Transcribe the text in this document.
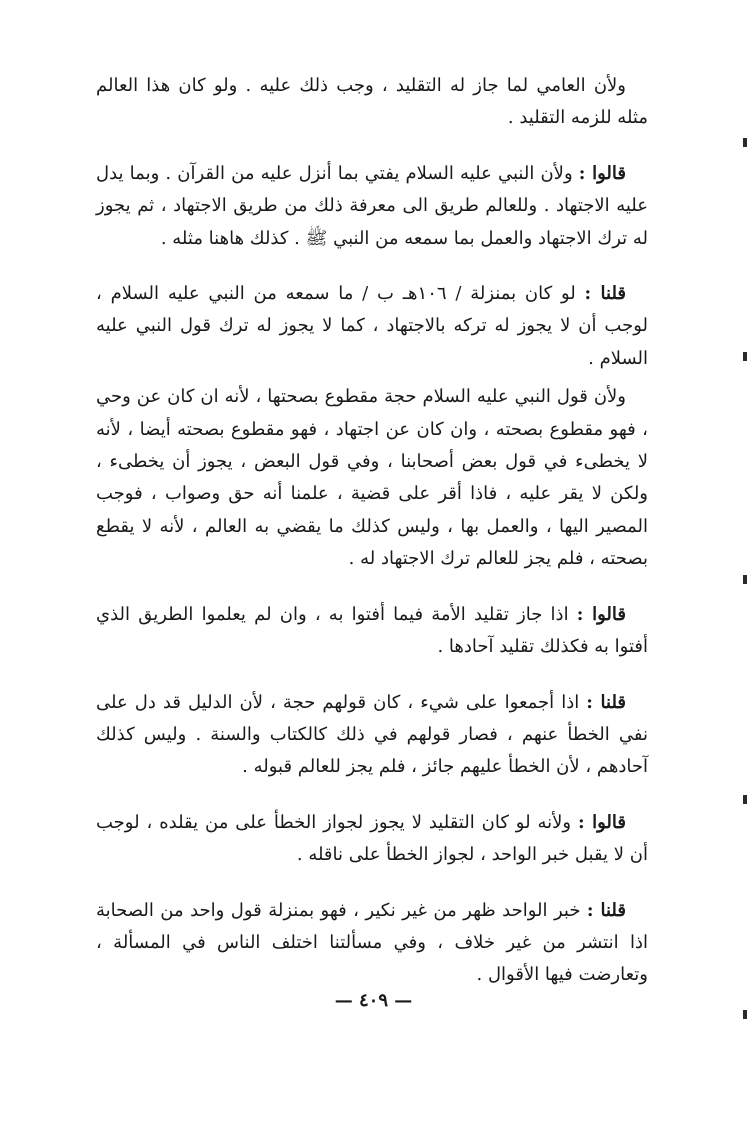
ولأن العامي لما جاز له التقليد ، وجب ذلك عليه . ولو كان هذا العالم مثله للزمه التقليد .

قالوا : ولأن النبي عليه السلام يفتي بما أنزل عليه من القرآن . وبما يدل عليه الاجتهاد . وللعالم طريق الى معرفة ذلك من طريق الاجتهاد ، ثم يجوز له ترك الاجتهاد والعمل بما سمعه من النبي ﷺ . كذلك هاهنا مثله .

قلنا : لو كان بمنزلة / ١٠٦هـ ب / ما سمعه من النبي عليه السلام ، لوجب أن لا يجوز له تركه بالاجتهاد ، كما لا يجوز له ترك قول النبي عليه السلام .

ولأن قول النبي عليه السلام حجة مقطوع بصحتها ، لأنه ان كان عن وحي ، فهو مقطوع بصحته ، وان كان عن اجتهاد ، فهو مقطوع بصحته أيضا ، لأنه لا يخطىء في قول بعض أصحابنا ، وفي قول البعض ، يجوز أن يخطىء ، ولكن لا يقر عليه ، فاذا أقر على قضية ، علمنا أنه حق وصواب ، فوجب المصير اليها ، والعمل بها ، وليس كذلك ما يقضي به العالم ، لأنه لا يقطع بصحته ، فلم يجز للعالم ترك الاجتهاد له .

قالوا : اذا جاز تقليد الأمة فيما أفتوا به ، وان لم يعلموا الطريق الذي أفتوا به فكذلك تقليد آحادها .

قلنا : اذا أجمعوا على شيء ، كان قولهم حجة ، لأن الدليل قد دل على نفي الخطأ عنهم ، فصار قولهم في ذلك كالكتاب والسنة . وليس كذلك آحادهم ، لأن الخطأ عليهم جائز ، فلم يجز للعالم قبوله .

قالوا : ولأنه لو كان التقليد لا يجوز لجواز الخطأ على من يقلده ، لوجب أن لا يقبل خبر الواحد ، لجواز الخطأ على ناقله .

قلنا : خبر الواحد ظهر من غير نكير ، فهو بمنزلة قول واحد من الصحابة اذا انتشر من غير خلاف ، وفي مسألتنا اختلف الناس في المسألة ، وتعارضت فيها الأقوال .

— ٤٠٩ —
